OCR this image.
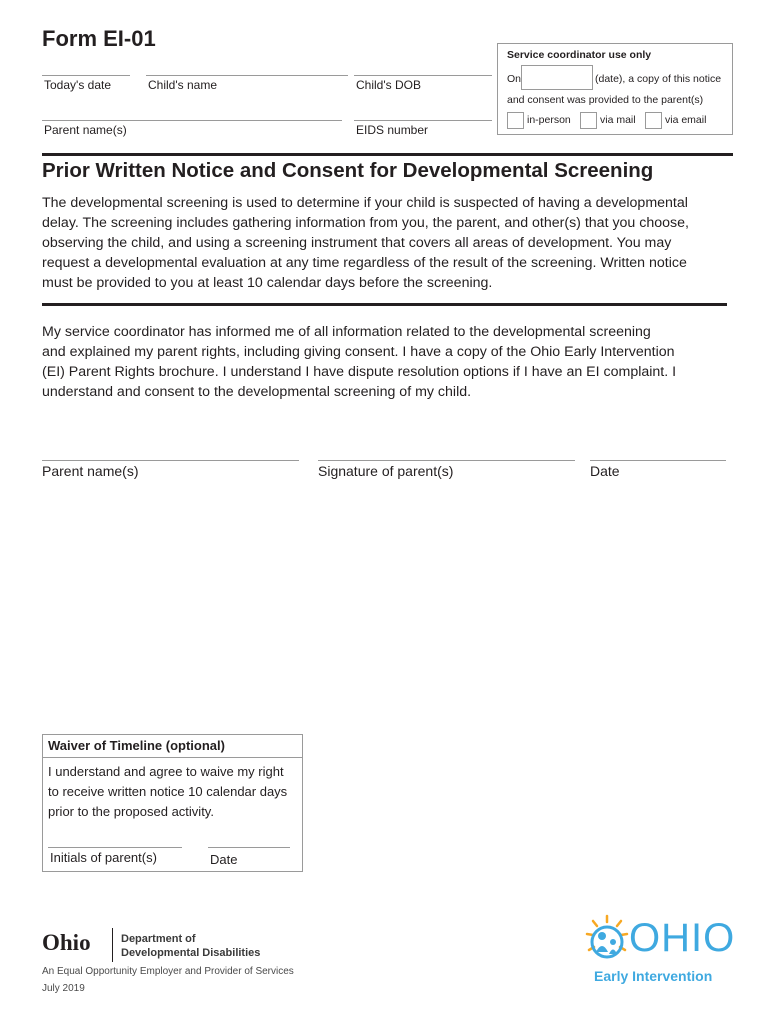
Form EI-01
Today's date	Child's name	Child's DOB
Parent name(s)	EIDS number
Service coordinator use only
On	(date), a copy of this notice
and consent was provided to the parent(s)
in-person	via mail	via email
Prior Written Notice and Consent for Developmental Screening

The developmental screening is used to determine if your child is suspected of having a developmental
delay. The screening includes gathering information from you, the parent, and other(s) that you choose,
observing the child, and using a screening instrument that covers all areas of development. You may
request a developmental evaluation at any time regardless of the result of the screening. Written notice
must be provided to you at least 10 calendar days before the screening.

My service coordinator has informed me of all information related to the developmental screening
and explained my parent rights, including giving consent. I have a copy of the Ohio Early Intervention
(EI) Parent Rights brochure. I understand I have dispute resolution options if I have an EI complaint. I
understand and consent to the developmental screening of my child.

Parent name(s)	Signature of parent(s)	Date
Waiver of Timeline (optional)

I understand and agree to waive my right
to receive written notice 10 calendar days
prior to the proposed activity.

Initials of parent(s)	Date
Ohio	Department of
Developmental Disabilities
An Equal Opportunity Employer and Provider of Services
July 2019
OHIO
Early Intervention
